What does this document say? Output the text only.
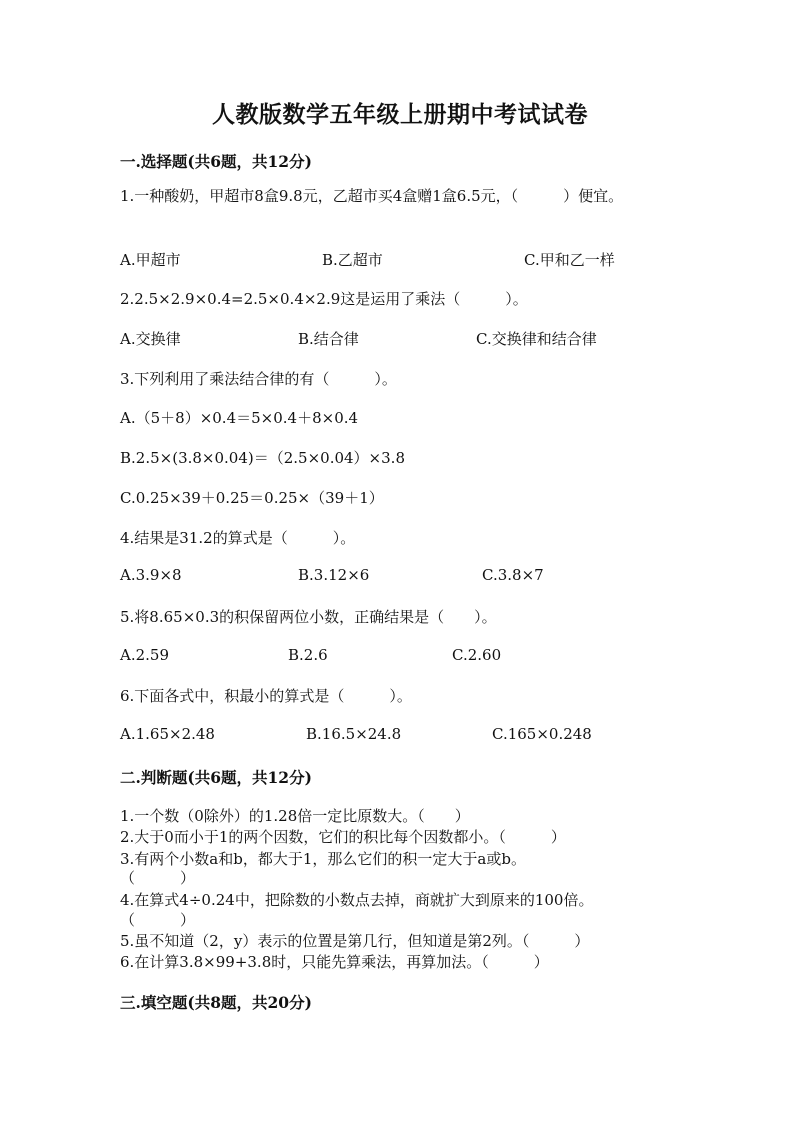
人教版数学五年级上册期中考试试卷
一.选择题(共6题，共12分)
1.一种酸奶，甲超市8盒9.8元，乙超市买4盒赠1盒6.5元，（　　　）便宜。
A.甲超市	B.乙超市	C.甲和乙一样
2.2.5×2.9×0.4=2.5×0.4×2.9这是运用了乘法（　　　）。
A.交换律	B.结合律	C.交换律和结合律
3.下列利用了乘法结合律的有（　　　）。
A.（5＋8）×0.4＝5×0.4＋8×0.4
B.2.5×(3.8×0.04)＝（2.5×0.04）×3.8
C.0.25×39＋0.25＝0.25×（39＋1）
4.结果是31.2的算式是（　　　）。
A.3.9×8	B.3.12×6	C.3.8×7
5.将8.65×0.3的积保留两位小数，正确结果是（　　）。
A.2.59	B.2.6	C.2.60
6.下面各式中，积最小的算式是（　　　）。
A.1.65×2.48	B.16.5×24.8	C.165×0.248
二.判断题(共6题，共12分)
1.一个数（0除外）的1.28倍一定比原数大。（　　）
2.大于0而小于1的两个因数，它们的积比每个因数都小。（　　　）
3.有两个小数a和b，都大于1，那么它们的积一定大于a或b。
（　　　）
4.在算式4÷0.24中，把除数的小数点去掉，商就扩大到原来的100倍。
（　　　）
5.虽不知道（2，y）表示的位置是第几行，但知道是第2列。（　　　）
6.在计算3.8×99+3.8时，只能先算乘法，再算加法。（　　　）
三.填空题(共8题，共20分)
